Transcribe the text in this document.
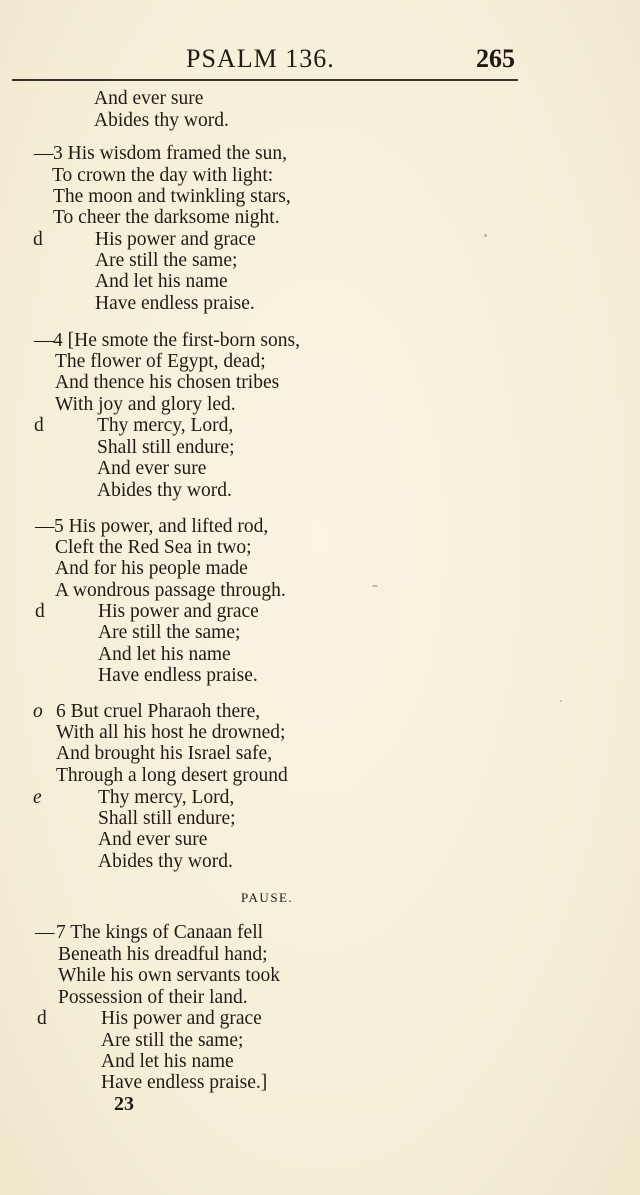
PSALM 136.	265
And ever sure
Abides thy word.
— 3 His wisdom framed the sun,
To crown the day with light:
The moon and twinkling stars,
To cheer the darksome night.
d	His power and grace
Are still the same;
And let his name
Have endless praise.
— 4 [He smote the first-born sons,
The flower of Egypt, dead;
And thence his chosen tribes
With joy and glory led.
d	Thy mercy, Lord,
Shall still endure;
And ever sure
Abides thy word.
— 5 His power, and lifted rod,
Cleft the Red Sea in two;
And for his people made
A wondrous passage through.
d	His power and grace
Are still the same;
And let his name
Have endless praise.
o 6 But cruel Pharaoh there,
With all his host he drowned;
And brought his Israel safe,
Through a long desert ground
e	Thy mercy, Lord,
Shall still endure;
And ever sure
Abides thy word.
PAUSE.
— 7 The kings of Canaan fell
Beneath his dreadful hand;
While his own servants took
Possession of their land.
d	His power and grace
Are still the same;
And let his name
Have endless praise.]
23
